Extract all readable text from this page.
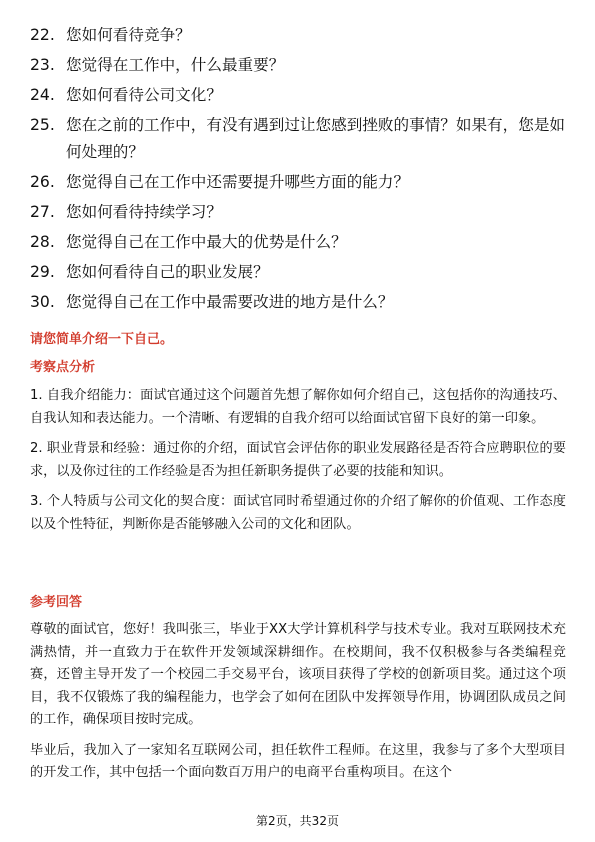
22. 您如何看待竞争？
23. 您觉得在工作中，什么最重要？
24. 您如何看待公司文化？
25. 您在之前的工作中，有没有遇到过让您感到挫败的事情？如果有，您是如何处理的？
26. 您觉得自己在工作中还需要提升哪些方面的能力？
27. 您如何看待持续学习？
28. 您觉得自己在工作中最大的优势是什么？
29. 您如何看待自己的职业发展？
30. 您觉得自己在工作中最需要改进的地方是什么？
请您简单介绍一下自己。
考察点分析

1. 自我介绍能力：面试官通过这个问题首先想了解你如何介绍自己，这包括你的沟通技巧、自我认知和表达能力。一个清晰、有逻辑的自我介绍可以给面试官留下良好的第一印象。

2. 职业背景和经验：通过你的介绍，面试官会评估你的职业发展路径是否符合应聘职位的要求，以及你过往的工作经验是否为担任新职务提供了必要的技能和知识。

3. 个人特质与公司文化的契合度：面试官同时希望通过你的介绍了解你的价值观、工作态度以及个性特征，判断你是否能够融入公司的文化和团队。

参考回答

尊敬的面试官，您好！我叫张三，毕业于XX大学计算机科学与技术专业。我对互联网技术充满热情，并一直致力于在软件开发领域深耕细作。在校期间，我不仅积极参与各类编程竞赛，还曾主导开发了一个校园二手交易平台，该项目获得了学校的创新项目奖。通过这个项目，我不仅锻炼了我的编程能力，也学会了如何在团队中发挥领导作用，协调团队成员之间的工作，确保项目按时完成。

毕业后，我加入了一家知名互联网公司，担任软件工程师。在这里，我参与了多个大型项目的开发工作，其中包括一个面向数百万用户的电商平台重构项目。在这个

第2页，共32页
